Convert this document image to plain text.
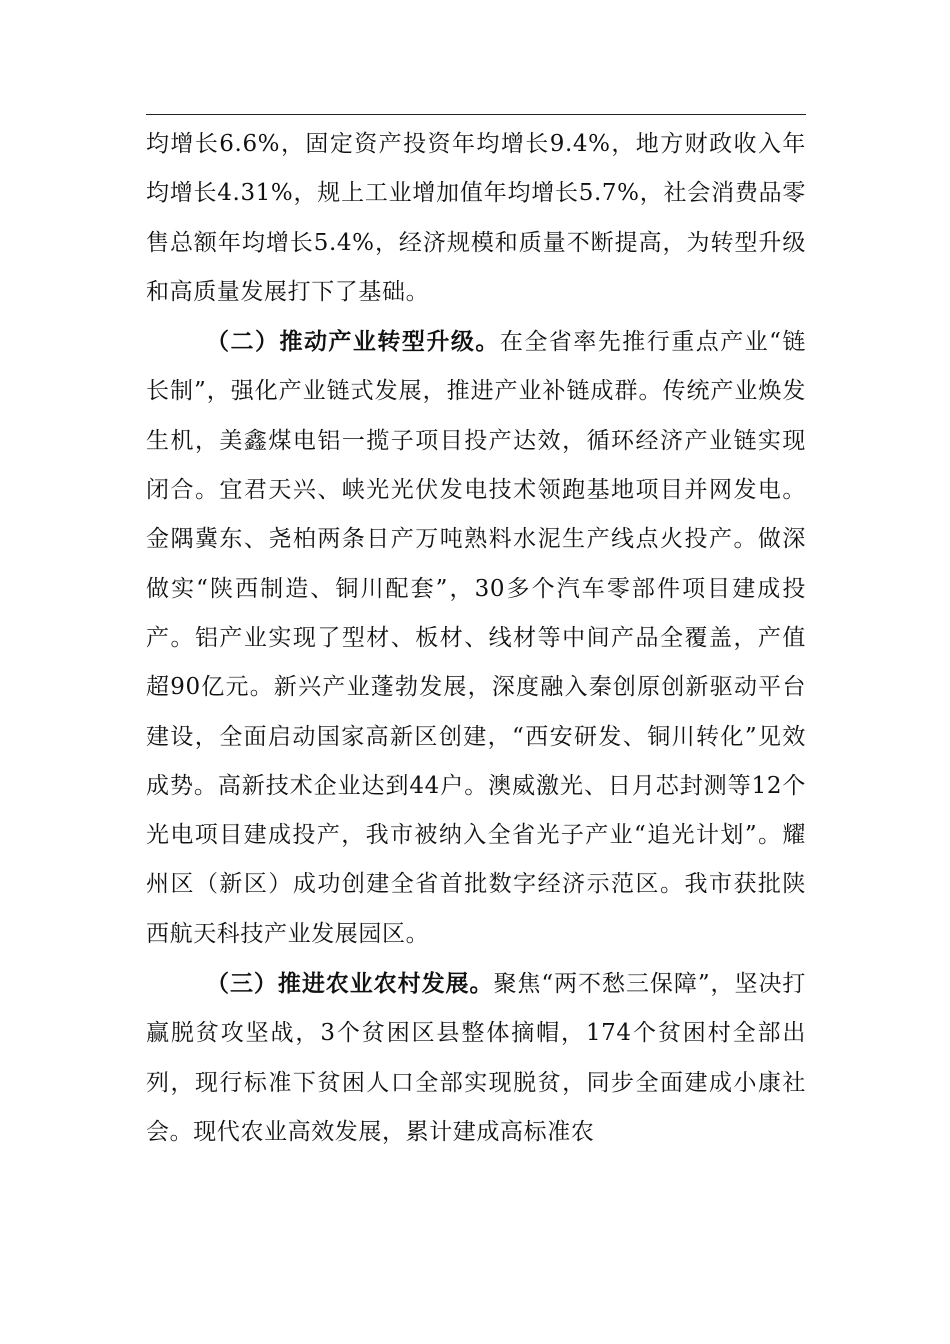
均增长6.6%，固定资产投资年均增长9.4%，地方财政收入年均增长4.31%，规上工业增加值年均增长5.7%，社会消费品零售总额年均增长5.4%，经济规模和质量不断提高，为转型升级和高质量发展打下了基础。

（二）推动产业转型升级。在全省率先推行重点产业“链长制”，强化产业链式发展，推进产业补链成群。传统产业焕发生机，美鑫煤电铝一揽子项目投产达效，循环经济产业链实现闭合。宜君天兴、峡光光伏发电技术领跑基地项目并网发电。金隅冀东、尧柏两条日产万吨熟料水泥生产线点火投产。做深做实“陕西制造、铜川配套”，30多个汽车零部件项目建成投产。铝产业实现了型材、板材、线材等中间产品全覆盖，产值超90亿元。新兴产业蓬勃发展，深度融入秦创原创新驱动平台建设，全面启动国家高新区创建，“西安研发、铜川转化”见效成势。高新技术企业达到44户。澳威激光、日月芯封测等12个光电项目建成投产，我市被纳入全省光子产业“追光计划”。耀州区（新区）成功创建全省首批数字经济示范区。我市获批陕西航天科技产业发展园区。

（三）推进农业农村发展。聚焦“两不愁三保障”，坚决打赢脱贫攻坚战，3个贫困区县整体摘帽，174个贫困村全部出列，现行标准下贫困人口全部实现脱贫，同步全面建成小康社会。现代农业高效发展，累计建成高标准农
